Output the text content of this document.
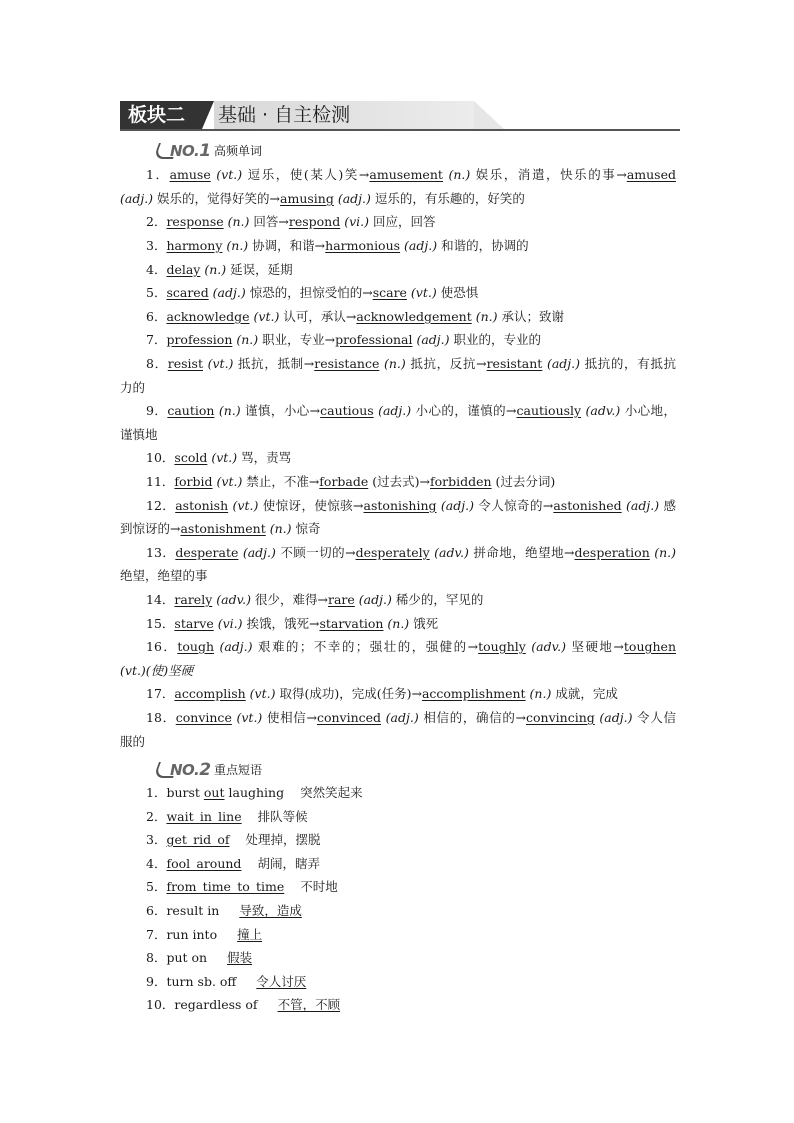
板块二	基础 · 自主检测
NO.1 高频单词
1．amuse (vt.) 逗乐，使(某人)笑→amusement (n.) 娱乐，消遣，快乐的事→amused
(adj.) 娱乐的，觉得好笑的→amusing (adj.) 逗乐的，有乐趣的，好笑的
2．response (n.) 回答→respond (vi.) 回应，回答
3．harmony (n.) 协调，和谐→harmonious (adj.) 和谐的，协调的
4．delay (n.) 延误，延期
5．scared (adj.) 惊恐的，担惊受怕的→scare (vt.) 使恐惧
6．acknowledge (vt.) 认可，承认→acknowledgement (n.) 承认；致谢
7．profession (n.) 职业，专业→professional (adj.) 职业的，专业的
8．resist (vt.) 抵抗，抵制→resistance (n.) 抵抗，反抗→resistant (adj.) 抵抗的，有抵抗
力的
9．caution (n.) 谨慎，小心→cautious (adj.) 小心的，谨慎的→cautiously (adv.) 小心地，
谨慎地
10．scold (vt.) 骂，责骂
11．forbid (vt.) 禁止，不准→forbade (过去式)→forbidden (过去分词)
12．astonish (vt.) 使惊讶，使惊骇→astonishing (adj.) 令人惊奇的→astonished (adj.) 感
到惊讶的→astonishment (n.) 惊奇
13．desperate (adj.) 不顾一切的→desperately (adv.) 拼命地，绝望地→desperation (n.)
绝望，绝望的事
14．rarely (adv.) 很少，难得→rare (adj.) 稀少的，罕见的
15．starve (vi.) 挨饿，饿死→starvation (n.) 饿死
16．tough (adj.) 艰难的；不幸的；强壮的，强健的→toughly (adv.) 坚硬地→toughen
(vt.)(使)坚硬
17．accomplish (vt.) 取得(成功)，完成(任务)→accomplishment (n.) 成就，完成
18．convince (vt.) 使相信→convinced (adj.) 相信的，确信的→convincing (adj.) 令人信
服的
NO.2 重点短语
1．burst out laughing 突然笑起来
2．wait_in_line 排队等候
3．get_rid_of 处理掉，摆脱
4．fool_around 胡闹，瞎弄
5．from_time_to_time 不时地
6．result in 导致，造成
7．run into 撞上
8．put on 假装
9．turn sb. off 令人讨厌
10．regardless of 不管，不顾
